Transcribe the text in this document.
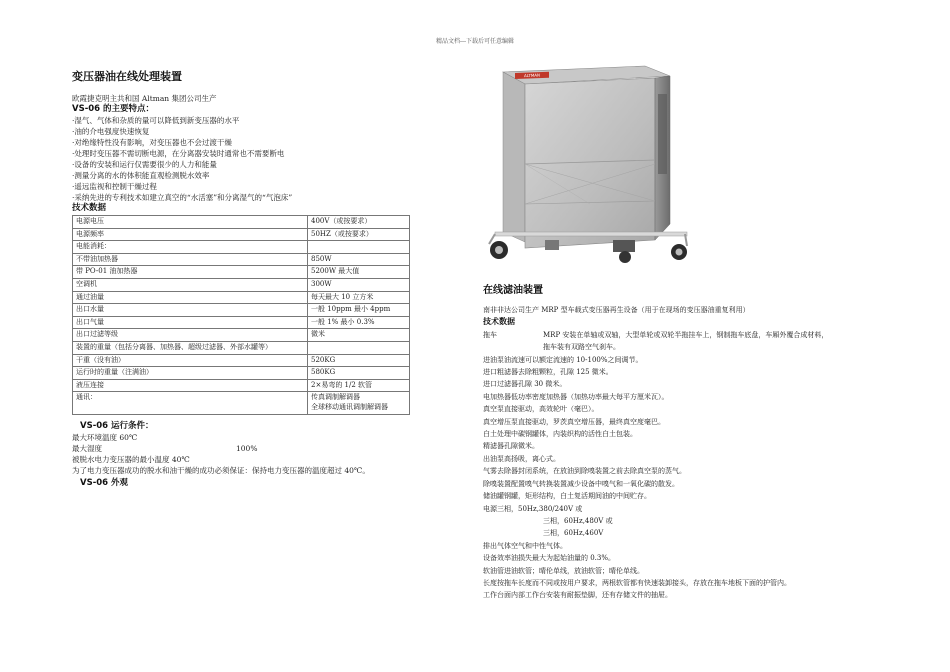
精品文档---下载后可任意编辑
变压器油在线处理装置
欧霞捷克明主共和国 Altman 集团公司生产
VS-06 的主要特点：
·湿气、气体和杂质的量可以降低到新变压器的水平
·油的介电强度快速恢复
·对绝缘特性没有影响，对变压器也不会过渡干燥
·处理时变压器不需切断电源，在分离器安装时通常也不需要断电
·设备的安装和运行仅需要很少的人力和能量
·测量分离的水的体积能直观检测脱水效率
·遥远监视和控制干燥过程
·采纳先进的专利技术如建立真空的“水活塞”和分离湿气的“气泡床”
技术数据
电源电压	400V（或按要求）
电源频率	50HZ（或按要求）
电能消耗：	
不带油加热器	850W
带 PO-01 油加热器	5200W 最大值
空调机	300W
通过油量	每天最大 10 立方米
出口水量	一般 10ppm 最小 4ppm
出口气量	一般 1% 最小 0.3%
出口过滤等级	微米
装置的重量（包括分离器、加热器、超级过滤器、外部水罐等）	
干重（没有油）	520KG
运行时的重量（注满油）	580KG
液压连接	2×易弯的 1/2 软管
通讯：	传真调制解调器
全球移动通讯调制解调器
VS-06 运行条件：
最大环境温度 60℃
最大湿度	100%
被脱水电力变压器的最小温度 40℃
为了电力变压器成功的脱水和油干燥的成功必须保证：保持电力变压器的温度超过 40℃。
VS-06 外观
ALTMAN
在线滤油装置
南非非达公司生产 MRP 型车载式变压器再生设备（用于在现场的变压器油重复利用）
技术数据
拖车	MRP 安装在单轴或双轴，大型单轮或双轮半拖挂车上，钢制拖车底盘，车厢外覆合成材料，
拖车装有双路空气刹车。
进油泵油流速可以额定流速的 10-100%之间调节。
进口粗滤器去除粗颗粒，孔隙 125 微米。
进口过滤器孔隙 30 微米。
电加热器低功率密度加热器（加热功率最大每平方厘米瓦）。
真空泵直接驱动，高效轮叶（毫巴）。
真空增压泵直接驱动，罗茨真空增压器，最终真空度毫巴。
白土处理中碳钢罐体，内装织构的活性白土包装。
精滤器孔隙微米。
出油泵高扬吸，离心式。
气雾去除器封闭系统，在放油到除嗅装置之前去除真空泵的蒸气。
除嗅装置配置嗅气转换装置减少设备中嗅气和一氧化碳的散发。
储油罐钢罐，矩形结构，白土复活期间油的中间贮存。
电源三相，50Hz,380/240V 或
三相，60Hz,480V 或
三相，60Hz,460V
排出气体空气和中性气体。
设备效率油损失最大为起始油量的 0.3%。
软油管进油软管；晴伦单线，放油软管；晴伦单线。
长度按拖车长度而不同或按用户要求，两根软管都有快速装卸接头，存放在拖车地板下面的护管内。
工作台面内部工作台安装有耐振垫脚，还有存储文件的抽屉。
